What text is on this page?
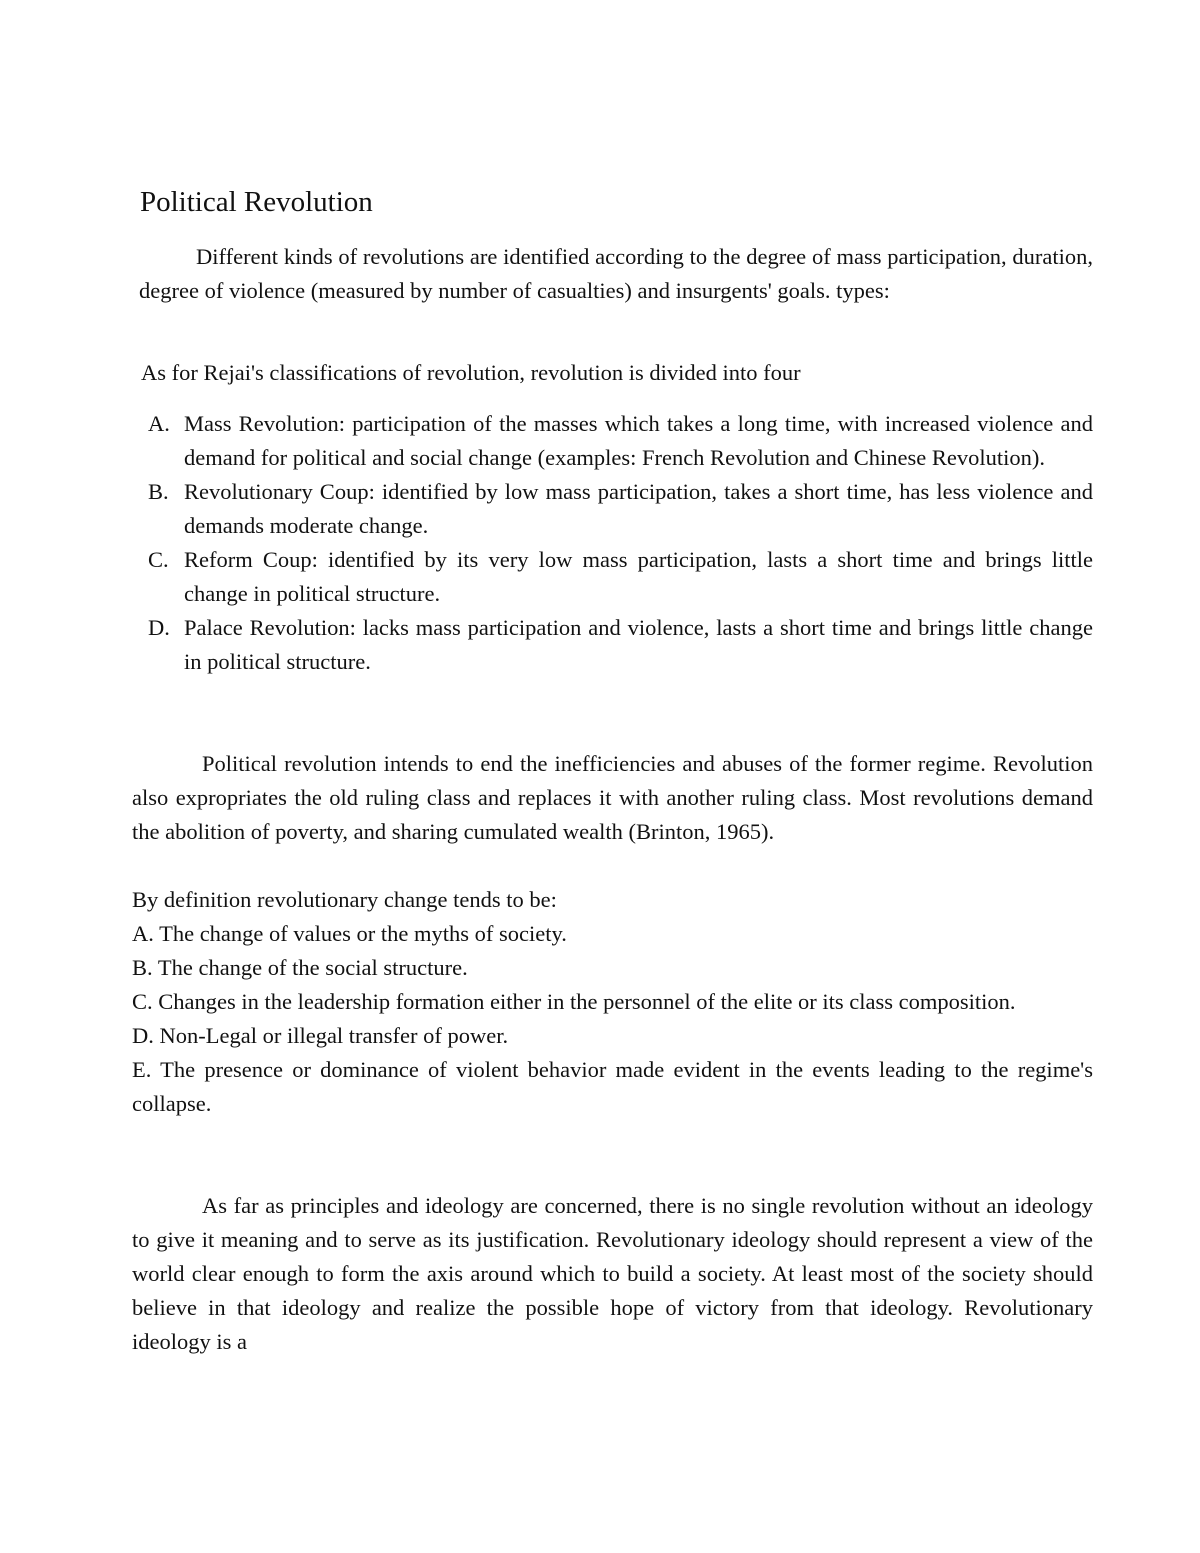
Political Revolution

Different kinds of revolutions are identified according to the degree of mass participation, duration, degree of violence (measured by number of casualties) and insurgents' goals. types:

As for Rejai's classifications of revolution, revolution is divided into four

A. Mass Revolution: participation of the masses which takes a long time, with increased violence and demand for political and social change (examples: French Revolution and Chinese Revolution).
B. Revolutionary Coup: identified by low mass participation, takes a short time, has less violence and demands moderate change.
C. Reform Coup: identified by its very low mass participation, lasts a short time and brings little change in political structure.
D. Palace Revolution: lacks mass participation and violence, lasts a short time and brings little change in political structure.

Political revolution intends to end the inefficiencies and abuses of the former regime. Revolution also expropriates the old ruling class and replaces it with another ruling class. Most revolutions demand the abolition of poverty, and sharing cumulated wealth (Brinton, 1965).

By definition revolutionary change tends to be:
A. The change of values or the myths of society.
B. The change of the social structure.
C. Changes in the leadership formation either in the personnel of the elite or its class composition.
D. Non-Legal or illegal transfer of power.
E. The presence or dominance of violent behavior made evident in the events leading to the regime's collapse.

As far as principles and ideology are concerned, there is no single revolution without an ideology to give it meaning and to serve as its justification. Revolutionary ideology should represent a view of the world clear enough to form the axis around which to build a society. At least most of the society should believe in that ideology and realize the possible hope of victory from that ideology. Revolutionary ideology is a
